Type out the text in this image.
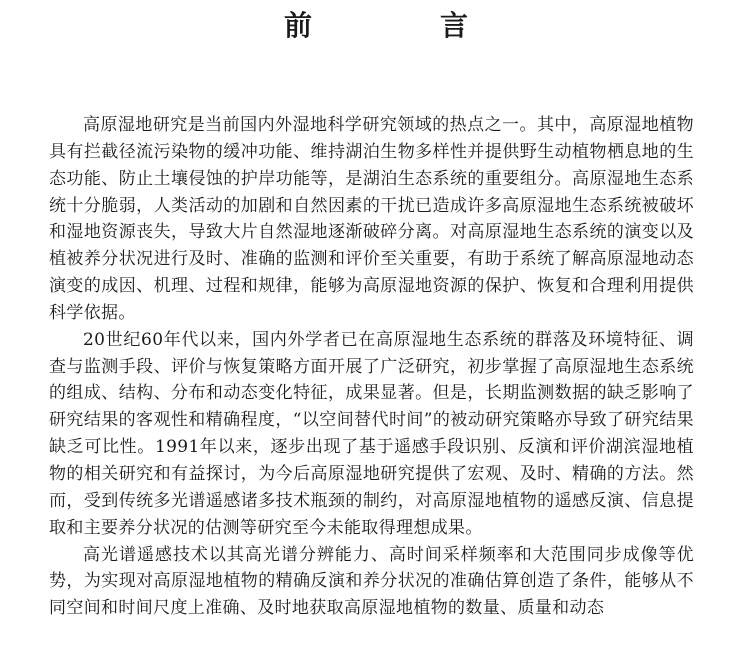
前　言

高原湿地研究是当前国内外湿地科学研究领域的热点之一。其中，高原湿地植物具有拦截径流污染物的缓冲功能、维持湖泊生物多样性并提供野生动植物栖息地的生态功能、防止土壤侵蚀的护岸功能等，是湖泊生态系统的重要组分。高原湿地生态系统十分脆弱，人类活动的加剧和自然因素的干扰已造成许多高原湿地生态系统被破坏和湿地资源丧失，导致大片自然湿地逐渐破碎分离。对高原湿地生态系统的演变以及植被养分状况进行及时、准确的监测和评价至关重要，有助于系统了解高原湿地动态演变的成因、机理、过程和规律，能够为高原湿地资源的保护、恢复和合理利用提供科学依据。

20世纪60年代以来，国内外学者已在高原湿地生态系统的群落及环境特征、调查与监测手段、评价与恢复策略方面开展了广泛研究，初步掌握了高原湿地生态系统的组成、结构、分布和动态变化特征，成果显著。但是，长期监测数据的缺乏影响了研究结果的客观性和精确程度，“以空间替代时间”的被动研究策略亦导致了研究结果缺乏可比性。1991年以来，逐步出现了基于遥感手段识别、反演和评价湖滨湿地植物的相关研究和有益探讨，为今后高原湿地研究提供了宏观、及时、精确的方法。然而，受到传统多光谱遥感诸多技术瓶颈的制约，对高原湿地植物的遥感反演、信息提取和主要养分状况的估测等研究至今未能取得理想成果。

高光谱遥感技术以其高光谱分辨能力、高时间采样频率和大范围同步成像等优势，为实现对高原湿地植物的精确反演和养分状况的准确估算创造了条件，能够从不同空间和时间尺度上准确、及时地获取高原湿地植物的数量、质量和动态
